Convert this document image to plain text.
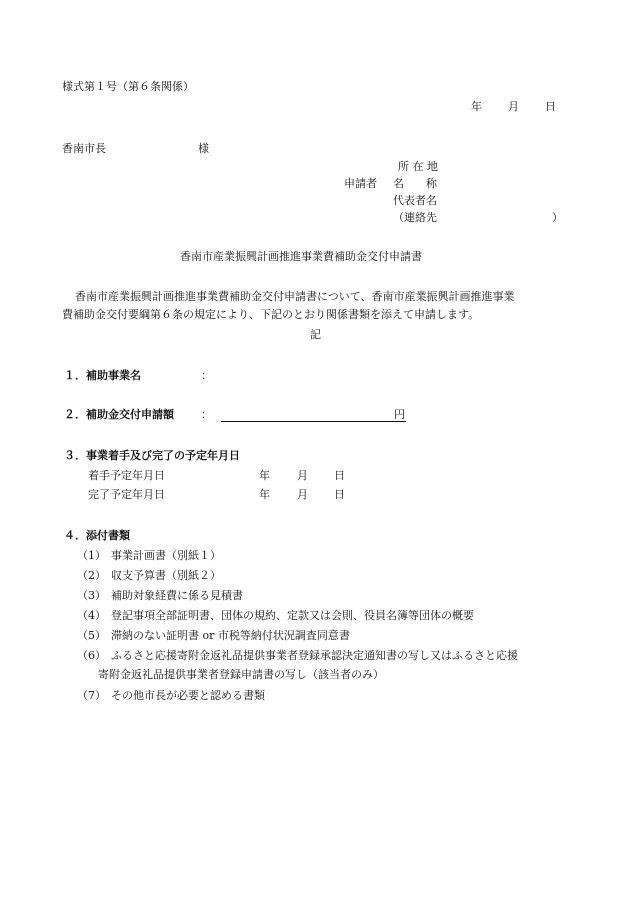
様式第１号（第６条関係）
年 月 日
香南市長	様
所 在 地
申請者 名　　称
代表者名
（連絡先	）
香南市産業振興計画推進事業費補助金交付申請書
香南市産業振興計画推進事業費補助金交付申請書について、香南市産業振興計画推進事業
費補助金交付要綱第６条の規定により、下記のとおり関係書類を添えて申請します。
記
１．補助事業名	：
２．補助金交付申請額 ：	円
３．事業着手及び完了の予定年月日
着手予定年月日	年 月 日
完了予定年月日	年 月 日
４．添付書類
（1） 事業計画書（別紙１）
（2） 収支予算書（別紙２）
（3） 補助対象経費に係る見積書
（4） 登記事項全部証明書、団体の規約、定款又は会則、役員名簿等団体の概要
（5） 滞納のない証明書 or 市税等納付状況調査同意書
（6） ふるさと応援寄附金返礼品提供事業者登録承認決定通知書の写し又はふるさと応援
寄附金返礼品提供事業者登録申請書の写し（該当者のみ）
（7） その他市長が必要と認める書類
